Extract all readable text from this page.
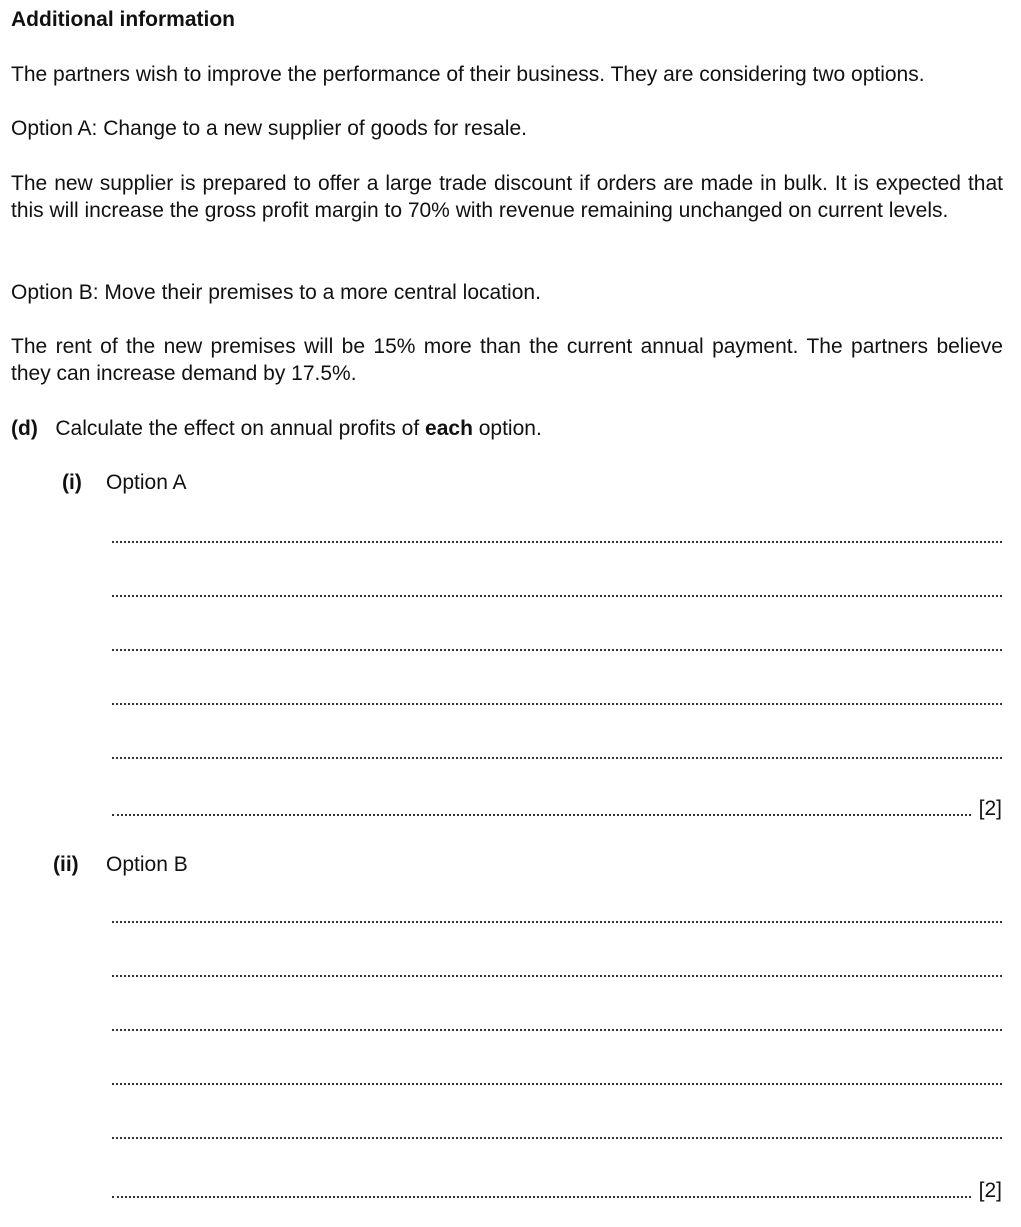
Additional information
The partners wish to improve the performance of their business. They are considering two options.
Option A: Change to a new supplier of goods for resale.
The new supplier is prepared to offer a large trade discount if orders are made in bulk. It is expected that this will increase the gross profit margin to 70% with revenue remaining unchanged on current levels.
Option B: Move their premises to a more central location.
The rent of the new premises will be 15% more than the current annual payment. The partners believe they can increase demand by 17.5%.
(d) Calculate the effect on annual profits of each option.
(i) Option A
[2]
(ii) Option B
[2]
